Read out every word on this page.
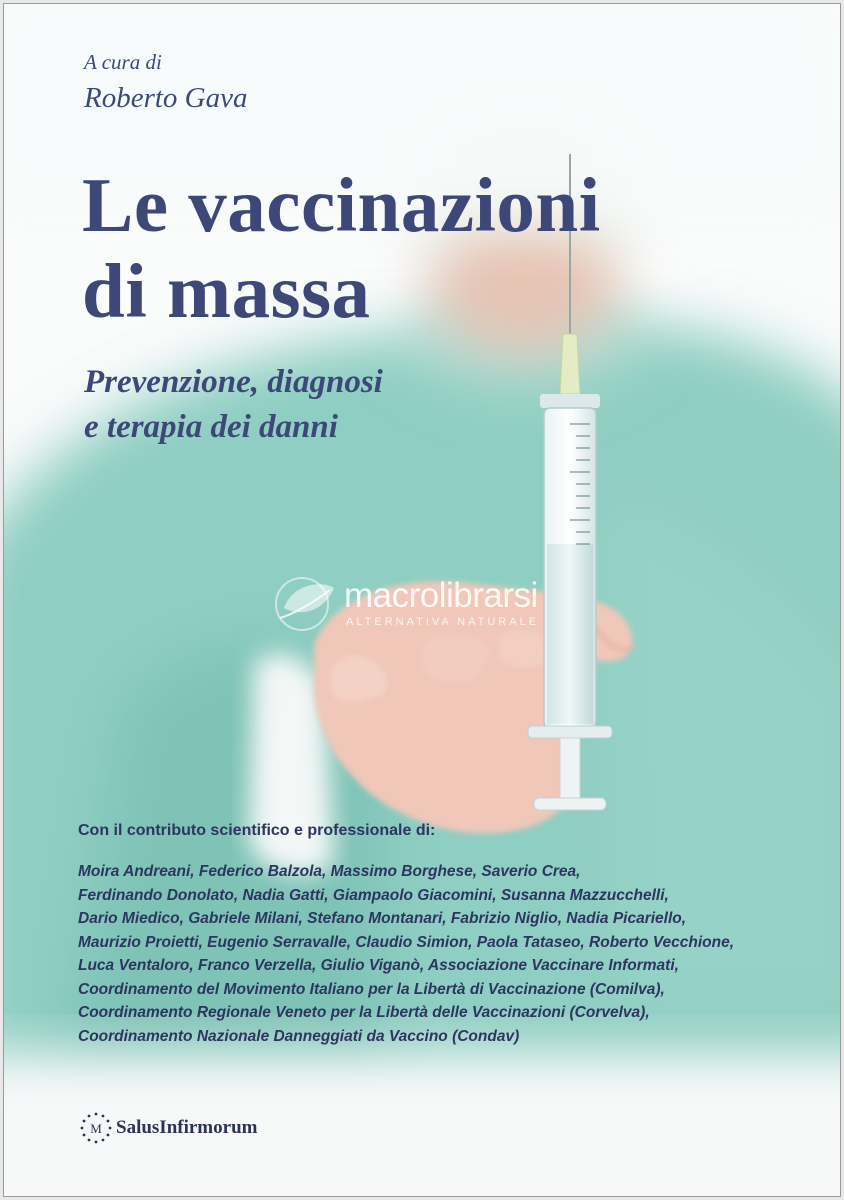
A cura di
Roberto Gava
Le vaccinazioni
di massa
Prevenzione, diagnosi
e terapia dei danni
macrolibrarsi
ALTERNATIVA NATURALE
Con il contributo scientifico e professionale di:
Moira Andreani, Federico Balzola, Massimo Borghese, Saverio Crea,
Ferdinando Donolato, Nadia Gatti, Giampaolo Giacomini, Susanna Mazzucchelli,
Dario Miedico, Gabriele Milani, Stefano Montanari, Fabrizio Niglio, Nadia Picariello,
Maurizio Proietti, Eugenio Serravalle, Claudio Simion, Paola Tataseo, Roberto Vecchione,
Luca Ventaloro, Franco Verzella, Giulio Viganò, Associazione Vaccinare Informati,
Coordinamento del Movimento Italiano per la Libertà di Vaccinazione (Comilva),
Coordinamento Regionale Veneto per la Libertà delle Vaccinazioni (Corvelva),
Coordinamento Nazionale Danneggiati da Vaccino (Condav)
M SalusInfirmorum
